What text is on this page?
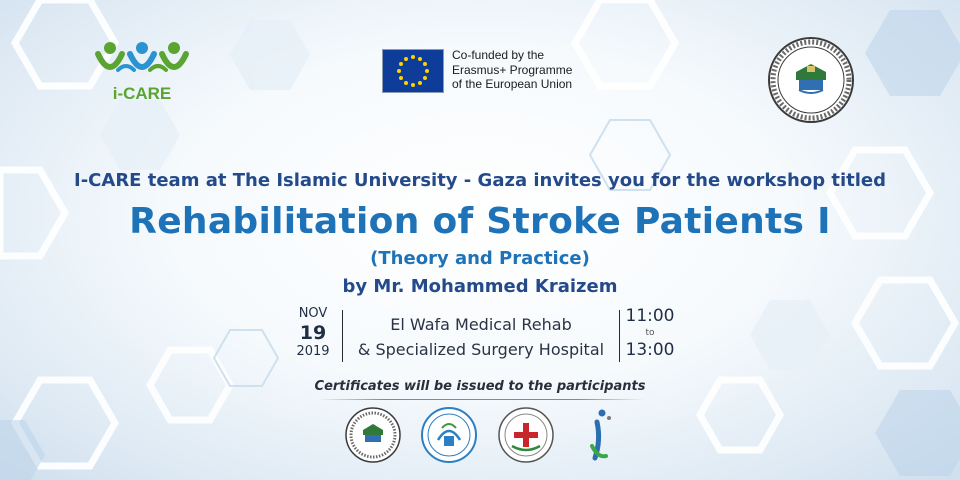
i-CARE
Co-funded by the
Erasmus+ Programme
of the European Union
I-CARE team at The Islamic University - Gaza invites you for the workshop titled
Rehabilitation of Stroke Patients I
(Theory and Practice)
by Mr. Mohammed Kraizem
NOV
19
2019
El Wafa Medical Rehab
& Specialized Surgery Hospital
11:00
to
13:00
Certificates will be issued to the participants
